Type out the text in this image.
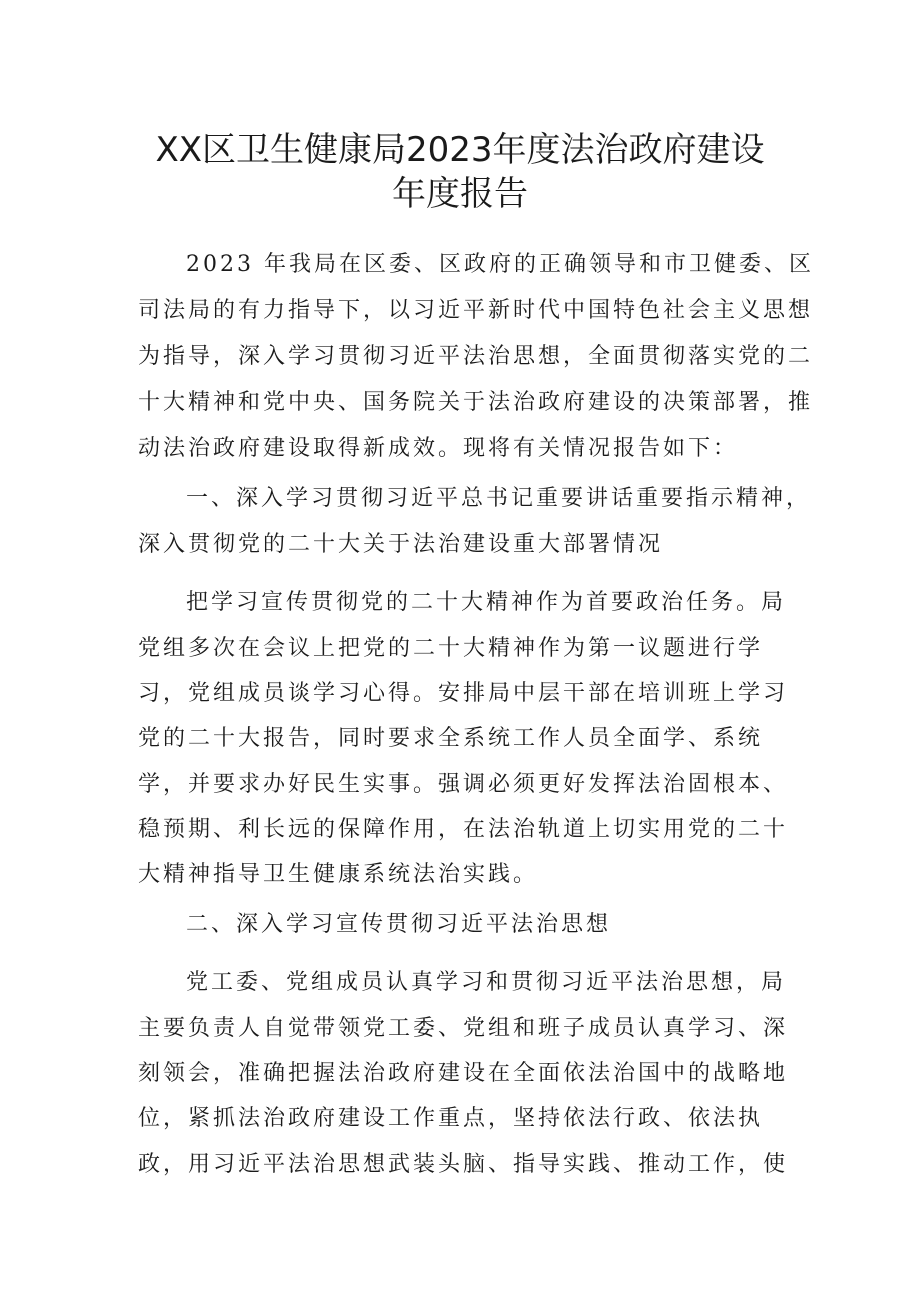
XX区卫生健康局2023年度法治政府建设
年度报告
2023 年我局在区委、区政府的正确领导和市卫健委、区
司法局的有力指导下，以习近平新时代中国特色社会主义思想
为指导，深入学习贯彻习近平法治思想，全面贯彻落实党的二
十大精神和党中央、国务院关于法治政府建设的决策部署，推
动法治政府建设取得新成效。现将有关情况报告如下：
一、深入学习贯彻习近平总书记重要讲话重要指示精神，
深入贯彻党的二十大关于法治建设重大部署情况
把学习宣传贯彻党的二十大精神作为首要政治任务。局
党组多次在会议上把党的二十大精神作为第一议题进行学
习，党组成员谈学习心得。安排局中层干部在培训班上学习
党的二十大报告，同时要求全系统工作人员全面学、系统
学，并要求办好民生实事。强调必须更好发挥法治固根本、
稳预期、利长远的保障作用，在法治轨道上切实用党的二十
大精神指导卫生健康系统法治实践。
二、深入学习宣传贯彻习近平法治思想
党工委、党组成员认真学习和贯彻习近平法治思想，局
主要负责人自觉带领党工委、党组和班子成员认真学习、深
刻领会，准确把握法治政府建设在全面依法治国中的战略地
位，紧抓法治政府建设工作重点，坚持依法行政、依法执
政，用习近平法治思想武装头脑、指导实践、推动工作，使
